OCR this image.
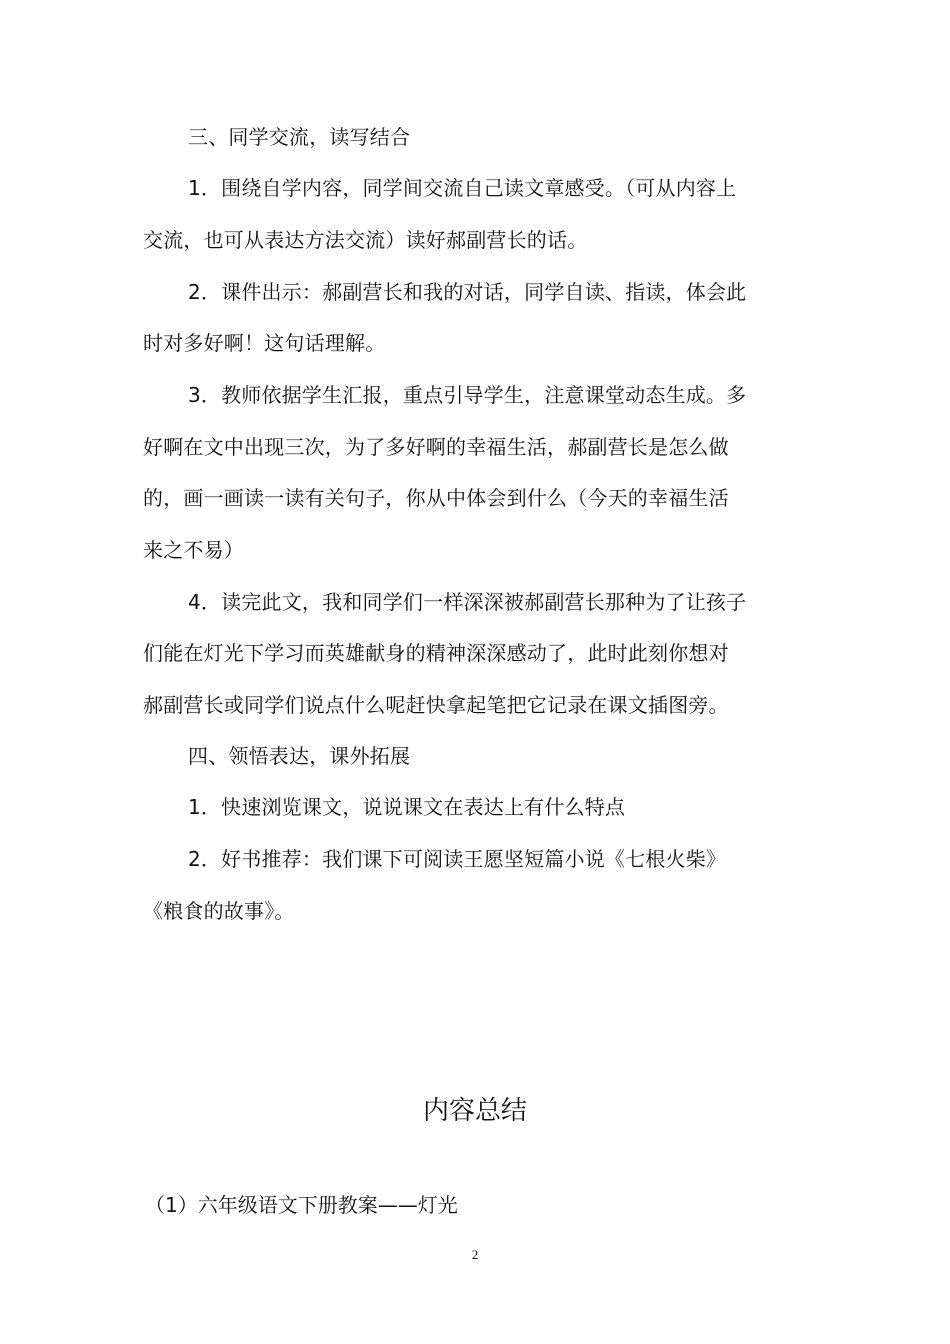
三、同学交流，读写结合
1．围绕自学内容，同学间交流自己读文章感受。（可从内容上
交流，也可从表达方法交流）读好郝副营长的话。
2．课件出示：郝副营长和我的对话，同学自读、指读，体会此
时对多好啊！这句话理解。
3．教师依据学生汇报，重点引导学生，注意课堂动态生成。多
好啊在文中出现三次，为了多好啊的幸福生活，郝副营长是怎么做
的，画一画读一读有关句子，你从中体会到什么（今天的幸福生活
来之不易）
4．读完此文，我和同学们一样深深被郝副营长那种为了让孩子
们能在灯光下学习而英雄献身的精神深深感动了，此时此刻你想对
郝副营长或同学们说点什么呢赶快拿起笔把它记录在课文插图旁。
四、领悟表达，课外拓展
1．快速浏览课文，说说课文在表达上有什么特点
2．好书推荐：我们课下可阅读王愿坚短篇小说《七根火柴》
《粮食的故事》。
内容总结
（1）六年级语文下册教案——灯光
2
